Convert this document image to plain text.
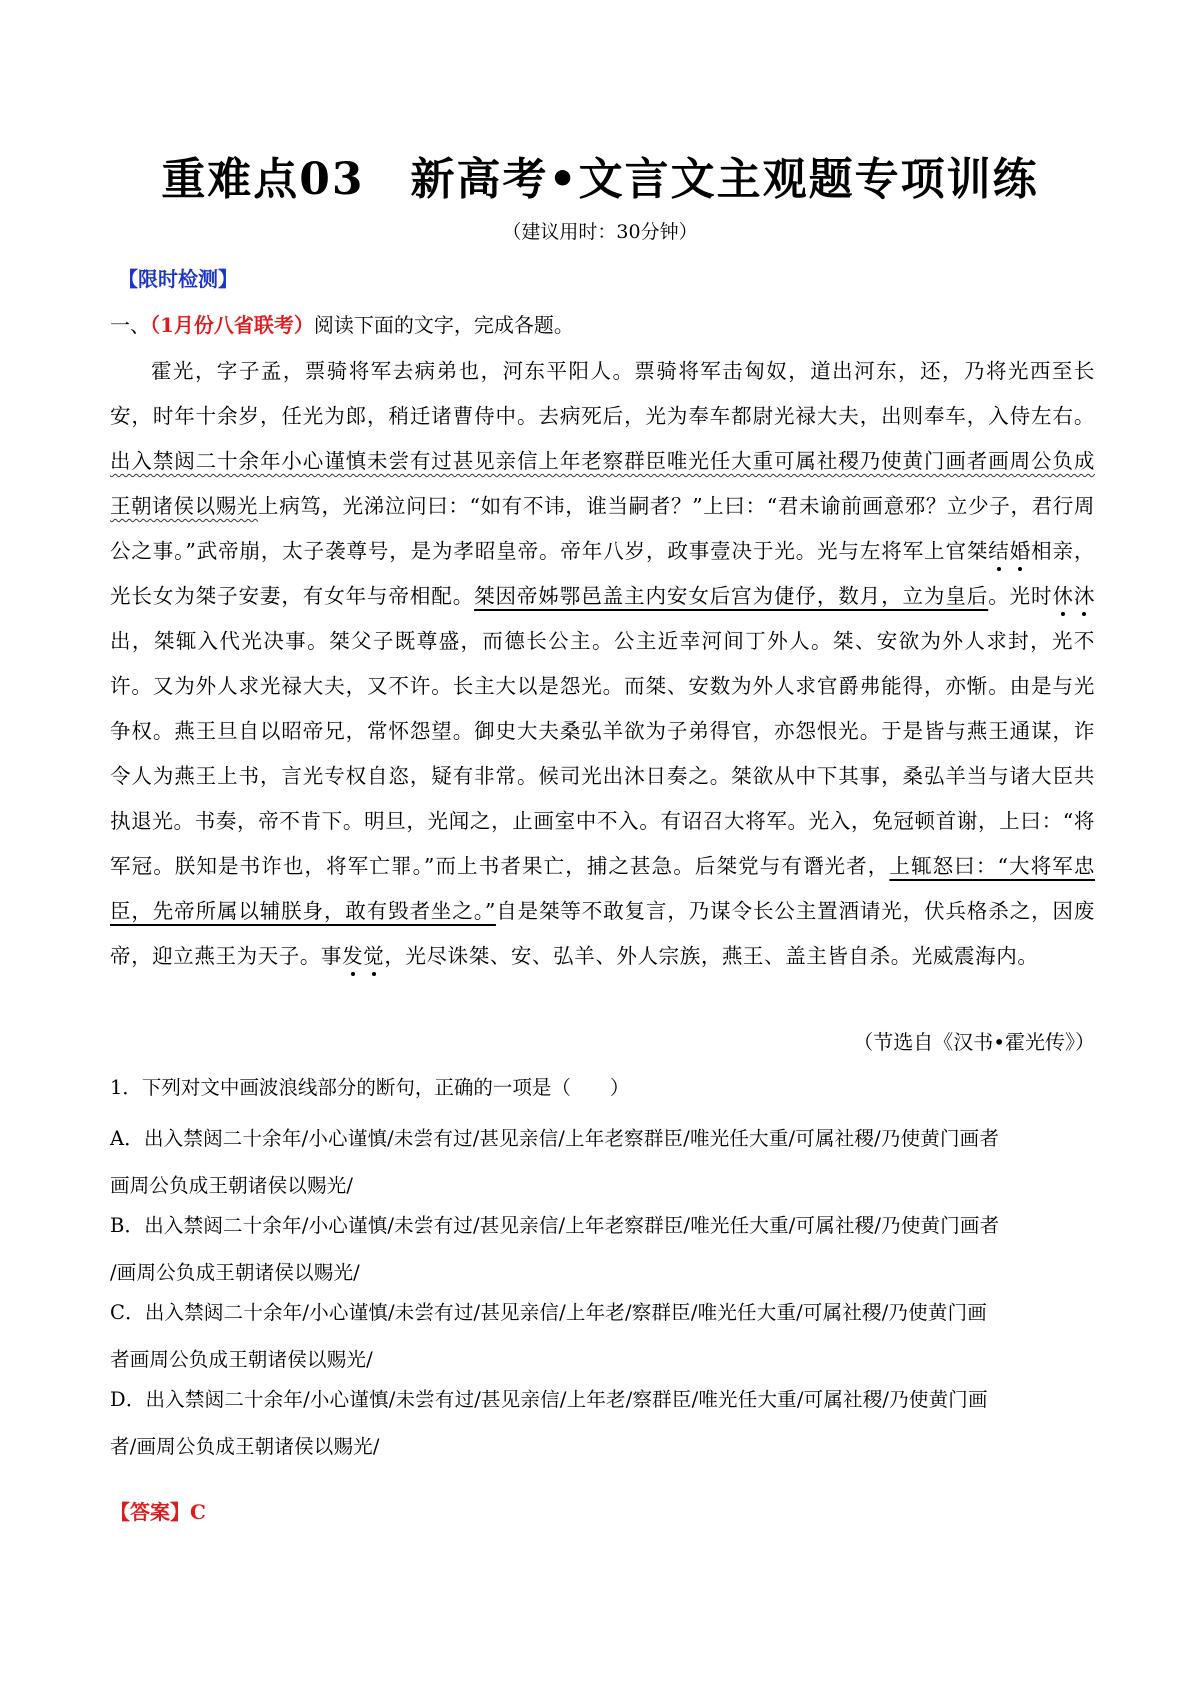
重难点03　新高考•文言文主观题专项训练
（建议用时：30分钟）
【限时检测】
一、（1月份八省联考）阅读下面的文字，完成各题。

霍光，字子孟，票骑将军去病弟也，河东平阳人。票骑将军击匈奴，道出河东，还，乃将光西至长安，时年十余岁，任光为郎，稍迁诸曹侍中。去病死后，光为奉车都尉光禄大夫，出则奉车，入侍左右。出入禁闼二十余年小心谨慎未尝有过甚见亲信上年老察群臣唯光任大重可属社稷乃使黄门画者画周公负成王朝诸侯以赐光上病笃，光涕泣问曰：“如有不讳，谁当嗣者？”上曰：“君未谕前画意邪？立少子，君行周公之事。”武帝崩，太子袭尊号，是为孝昭皇帝。帝年八岁，政事壹决于光。光与左将军上官桀结婚相亲，光长女为桀子安妻，有女年与帝相配。桀因帝姊鄂邑盖主内安女后宫为倢伃，数月，立为皇后。光时休沐出，桀辄入代光决事。桀父子既尊盛，而德长公主。公主近幸河间丁外人。桀、安欲为外人求封，光不许。又为外人求光禄大夫，又不许。长主大以是怨光。而桀、安数为外人求官爵弗能得，亦惭。由是与光争权。燕王旦自以昭帝兄，常怀怨望。御史大夫桑弘羊欲为子弟得官，亦怨恨光。于是皆与燕王通谋，诈令人为燕王上书，言光专权自恣，疑有非常。候司光出沐日奏之。桀欲从中下其事，桑弘羊当与诸大臣共执退光。书奏，帝不肯下。明旦，光闻之，止画室中不入。有诏召大将军。光入，免冠顿首谢，上曰：“将军冠。朕知是书诈也，将军亡罪。”而上书者果亡，捕之甚急。后桀党与有谮光者，上辄怒曰：“大将军忠臣，先帝所属以辅朕身，敢有毁者坐之。”自是桀等不敢复言，乃谋令长公主置酒请光，伏兵格杀之，因废帝，迎立燕王为天子。事发觉，光尽诛桀、安、弘羊、外人宗族，燕王、盖主皆自杀。光威震海内。

（节选自《汉书•霍光传》）
1．下列对文中画波浪线部分的断句，正确的一项是（　　）
A．出入禁闼二十余年/小心谨慎/未尝有过/甚见亲信/上年老察群臣/唯光任大重/可属社稷/乃使黄门画者
画周公负成王朝诸侯以赐光/
B．出入禁闼二十余年/小心谨慎/未尝有过/甚见亲信/上年老察群臣/唯光任大重/可属社稷/乃使黄门画者
/画周公负成王朝诸侯以赐光/
C．出入禁闼二十余年/小心谨慎/未尝有过/甚见亲信/上年老/察群臣/唯光任大重/可属社稷/乃使黄门画
者画周公负成王朝诸侯以赐光/
D．出入禁闼二十余年/小心谨慎/未尝有过/甚见亲信/上年老/察群臣/唯光任大重/可属社稷/乃使黄门画
者/画周公负成王朝诸侯以赐光/
【答案】C
